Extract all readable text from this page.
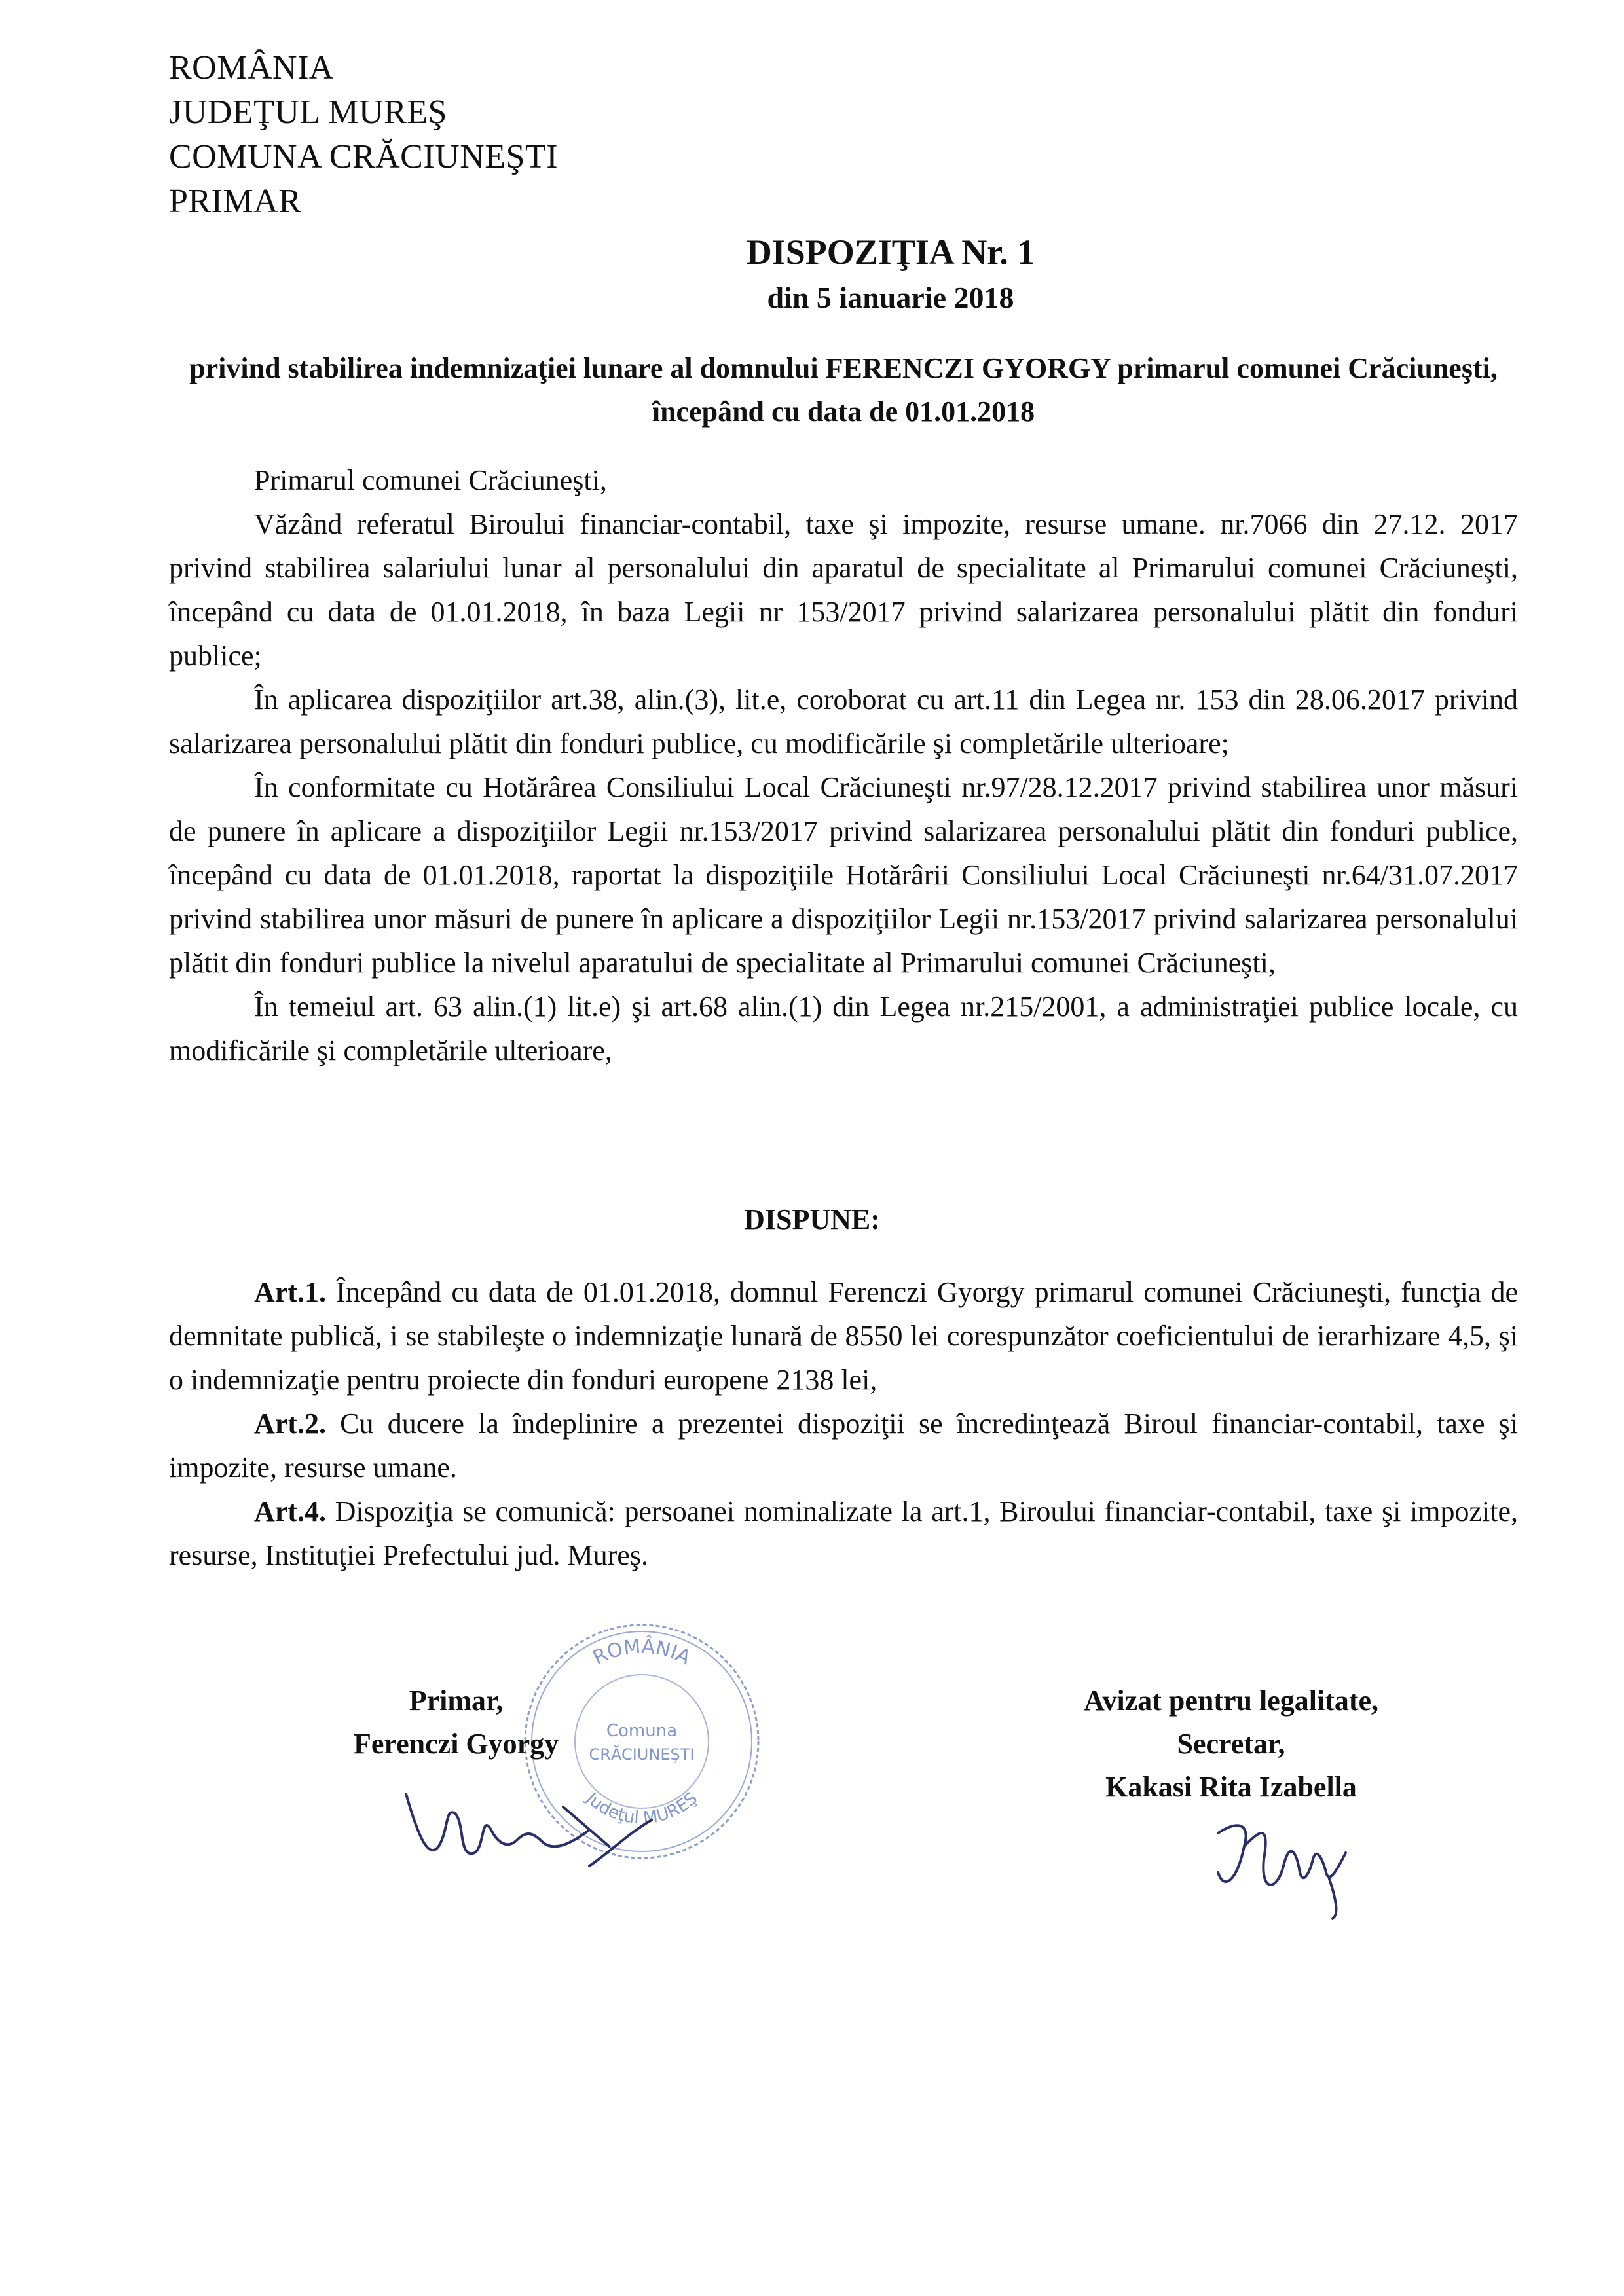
ROMÂNIA
JUDEŢUL MUREŞ
COMUNA CRĂCIUNEŞTI
PRIMAR
DISPOZIŢIA Nr. 1
din 5 ianuarie 2018
privind stabilirea indemnizaţiei lunare al domnului FERENCZI GYORGY primarul comunei Crăciuneşti, începând cu data de 01.01.2018

Primarul comunei Crăciuneşti,

Văzând referatul Biroului financiar-contabil, taxe şi impozite, resurse umane. nr.7066 din 27.12. 2017 privind stabilirea salariului lunar al personalului din aparatul de specialitate al Primarului comunei Crăciuneşti, începând cu data de 01.01.2018, în baza Legii nr 153/2017 privind salarizarea personalului plătit din fonduri publice;

În aplicarea dispoziţiilor art.38, alin.(3), lit.e, coroborat cu art.11 din Legea nr. 153 din 28.06.2017 privind salarizarea personalului plătit din fonduri publice, cu modificările şi completările ulterioare;

În conformitate cu Hotărârea Consiliului Local Crăciuneşti nr.97/28.12.2017 privind stabilirea unor măsuri de punere în aplicare a dispoziţiilor Legii nr.153/2017 privind salarizarea personalului plătit din fonduri publice, începând cu data de 01.01.2018, raportat la dispoziţiile Hotărârii Consiliului Local Crăciuneşti nr.64/31.07.2017 privind stabilirea unor măsuri de punere în aplicare a dispoziţiilor Legii nr.153/2017 privind salarizarea personalului plătit din fonduri publice la nivelul aparatului de specialitate al Primarului comunei Crăciuneşti,

În temeiul art. 63 alin.(1) lit.e) şi art.68 alin.(1) din Legea nr.215/2001, a administraţiei publice locale, cu modificările şi completările ulterioare,

DISPUNE:

Art.1. Începând cu data de 01.01.2018, domnul Ferenczi Gyorgy primarul comunei Crăciuneşti, funcţia de demnitate publică, i se stabileşte o indemnizaţie lunară de 8550 lei corespunzător coeficientului de ierarhizare 4,5, şi o indemnizaţie pentru proiecte din fonduri europene 2138 lei,

Art.2. Cu ducere la îndeplinire a prezentei dispoziţii se încredinţează Biroul financiar-contabil, taxe şi impozite, resurse umane.

Art.4. Dispoziţia se comunică: persoanei nominalizate la art.1, Biroului financiar-contabil, taxe şi impozite, resurse, Instituţiei Prefectului jud. Mureş.

ROMÂNIA
Comuna
CRĂCIUNEŞTI
Judeţul MUREŞ
Primar,
Ferenczi Gyorgy
Avizat pentru legalitate,
Secretar,
Kakasi Rita Izabella
